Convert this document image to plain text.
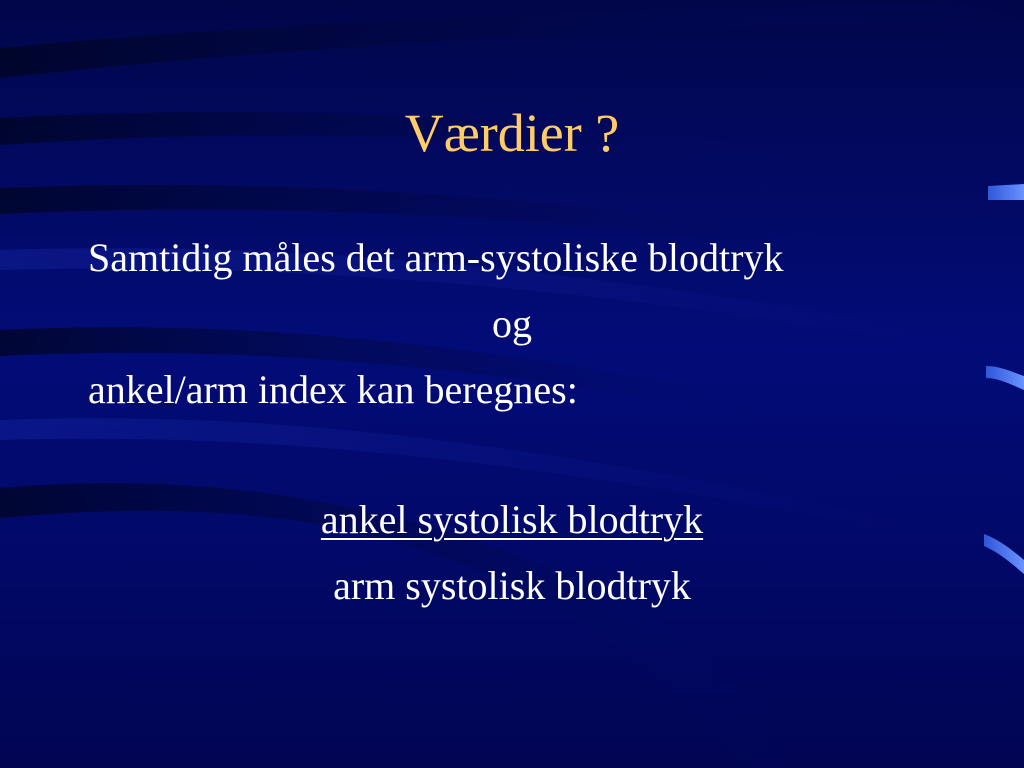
Værdier ?
Samtidig måles det arm-systoliske blodtryk
og
ankel/arm index kan beregnes:
ankel systolisk blodtryk
arm systolisk blodtryk
